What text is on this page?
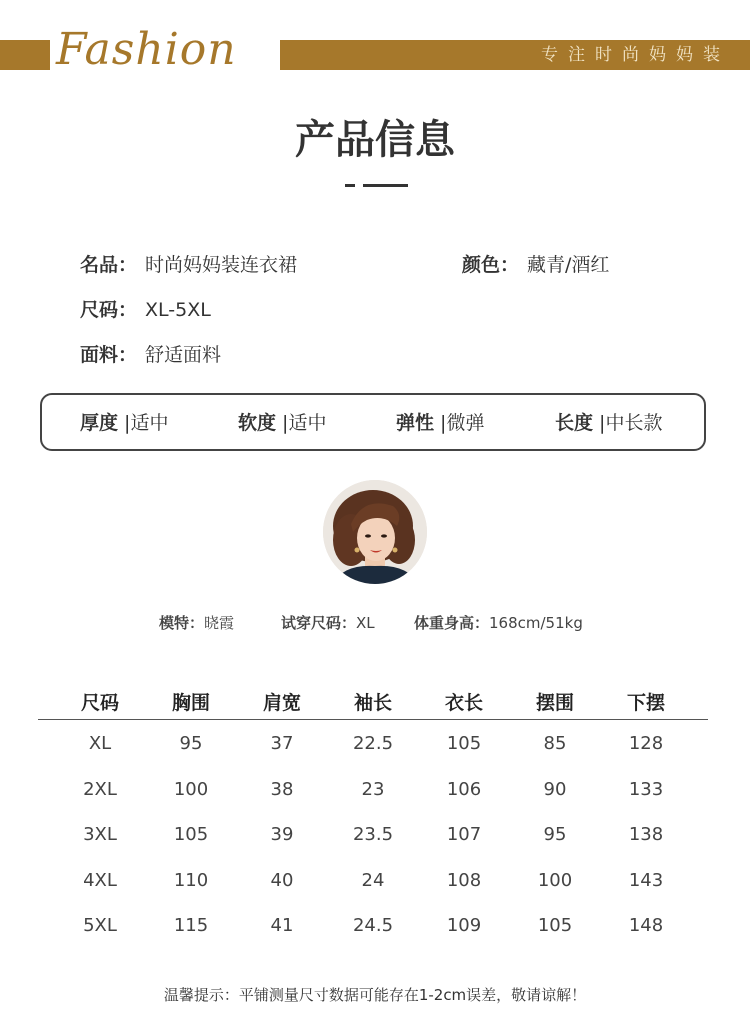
Fashion	专注时尚妈妈装
产品信息
名品： 时尚妈妈装连衣裙	颜色： 藏青/酒红
尺码： XL-5XL
面料： 舒适面料
厚度 |适中	软度 |适中	弹性 |微弹	长度 |中长款
模特：晓霞	试穿尺码：XL	体重身高：168cm/51kg
尺码	胸围	肩宽	袖长	衣长	摆围	下摆
XL	95	37	22.5	105	85	128
2XL	100	38	23	106	90	133
3XL	105	39	23.5	107	95	138
4XL	110	40	24	108	100	143
5XL	115	41	24.5	109	105	148
温馨提示：平铺测量尺寸数据可能存在1-2cm误差，敬请谅解！
